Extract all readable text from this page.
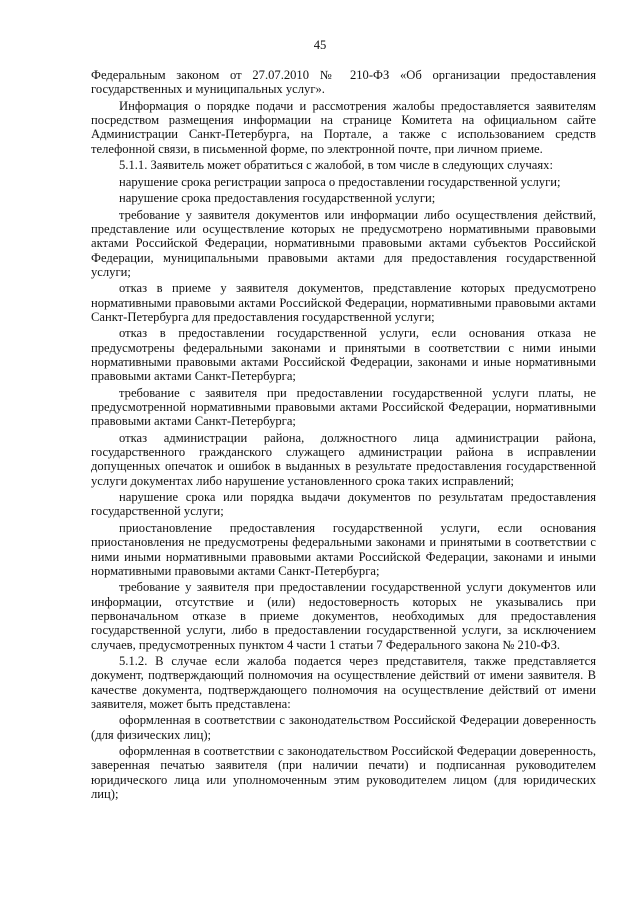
45

Федеральным законом от 27.07.2010 № 210-ФЗ «Об организации предоставления государственных и муниципальных услуг».

Информация о порядке подачи и рассмотрения жалобы предоставляется заявителям посредством размещения информации на странице Комитета на официальном сайте Администрации Санкт-Петербурга, на Портале, а также с использованием средств телефонной связи, в письменной форме, по электронной почте, при личном приеме.

5.1.1. Заявитель может обратиться с жалобой, в том числе в следующих случаях:

нарушение срока регистрации запроса о предоставлении государственной услуги;

нарушение срока предоставления государственной услуги;

требование у заявителя документов или информации либо осуществления действий, представление или осуществление которых не предусмотрено нормативными правовыми актами Российской Федерации, нормативными правовыми актами субъектов Российской Федерации, муниципальными правовыми актами для предоставления государственной услуги;

отказ в приеме у заявителя документов, представление которых предусмотрено нормативными правовыми актами Российской Федерации, нормативными правовыми актами Санкт-Петербурга для предоставления государственной услуги;

отказ в предоставлении государственной услуги, если основания отказа не предусмотрены федеральными законами и принятыми в соответствии с ними иными нормативными правовыми актами Российской Федерации, законами и иные нормативными правовыми актами Санкт-Петербурга;

требование с заявителя при предоставлении государственной услуги платы, не предусмотренной нормативными правовыми актами Российской Федерации, нормативными правовыми актами Санкт-Петербурга;

отказ администрации района, должностного лица администрации района, государственного гражданского служащего администрации района в исправлении допущенных опечаток и ошибок в выданных в результате предоставления государственной услуги документах либо нарушение установленного срока таких исправлений;

нарушение срока или порядка выдачи документов по результатам предоставления государственной услуги;

приостановление предоставления государственной услуги, если основания приостановления не предусмотрены федеральными законами и принятыми в соответствии с ними иными нормативными правовыми актами Российской Федерации, законами и иными нормативными правовыми актами Санкт-Петербурга;

требование у заявителя при предоставлении государственной услуги документов или информации, отсутствие и (или) недостоверность которых не указывались при первоначальном отказе в приеме документов, необходимых для предоставления государственной услуги, либо в предоставлении государственной услуги, за исключением случаев, предусмотренных пунктом 4 части 1 статьи 7 Федерального закона № 210-ФЗ.

5.1.2. В случае если жалоба подается через представителя, также представляется документ, подтверждающий полномочия на осуществление действий от имени заявителя. В качестве документа, подтверждающего полномочия на осуществление действий от имени заявителя, может быть представлена:

оформленная в соответствии с законодательством Российской Федерации доверенность (для физических лиц);

оформленная в соответствии с законодательством Российской Федерации доверенность, заверенная печатью заявителя (при наличии печати) и подписанная руководителем юридического лица или уполномоченным этим руководителем лицом (для юридических лиц);
